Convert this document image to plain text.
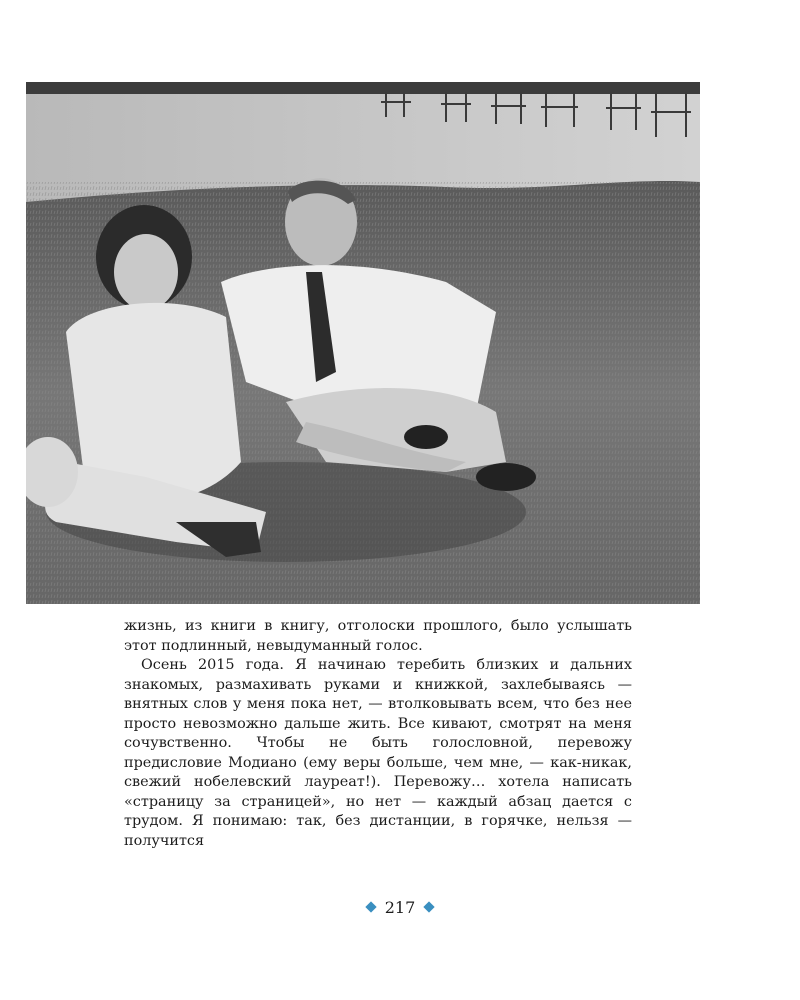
жизнь, из книги в книгу, отголоски прошлого, было услышать этот подлинный, невыдуманный голос.

Осень 2015 года. Я начинаю теребить близких и дальних знакомых, размахивать руками и книжкой, захлебываясь — внятных слов у меня пока нет, — втолковывать всем, что без нее просто невозможно дальше жить. Все кивают, смотрят на меня сочувственно. Чтобы не быть голословной, перевожу предисловие Модиано (ему веры больше, чем мне, — как-никак, свежий нобелевский лауреат!). Перевожу… хотела написать «страницу за страницей», но нет — каждый абзац дается с трудом. Я понимаю: так, без дистанции, в горячке, нельзя — получится

217
